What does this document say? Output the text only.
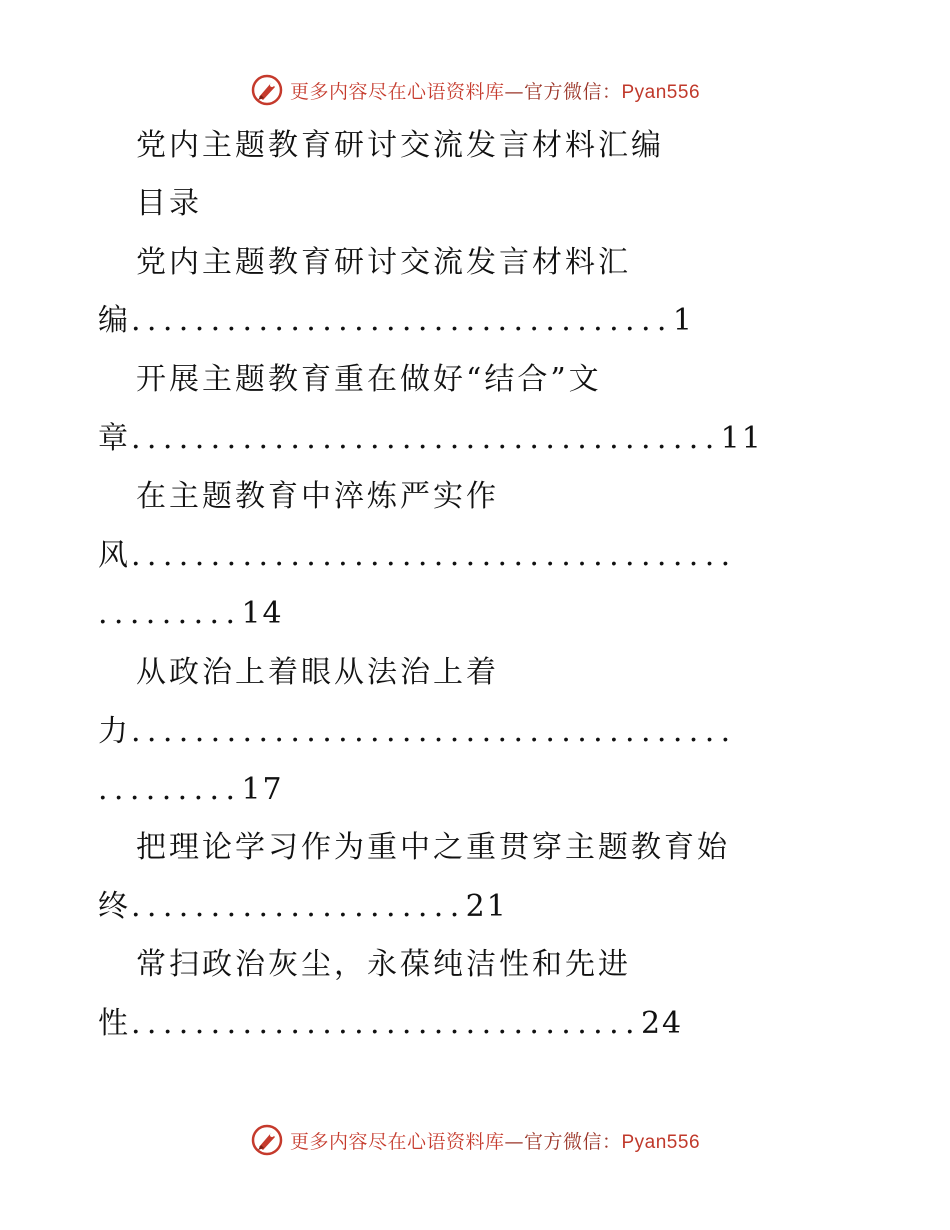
更多内容尽在心语资料库—官方微信：Pyan556
党内主题教育研讨交流发言材料汇编
目录
党内主题教育研讨交流发言材料汇
编..................................1
开展主题教育重在做好“结合”文
章.....................................11
在主题教育中淬炼严实作
风......................................
.........14
从政治上着眼从法治上着
力......................................
.........17
把理论学习作为重中之重贯穿主题教育始
终.....................21
常扫政治灰尘，永葆纯洁性和先进
性................................24
更多内容尽在心语资料库—官方微信：Pyan556
